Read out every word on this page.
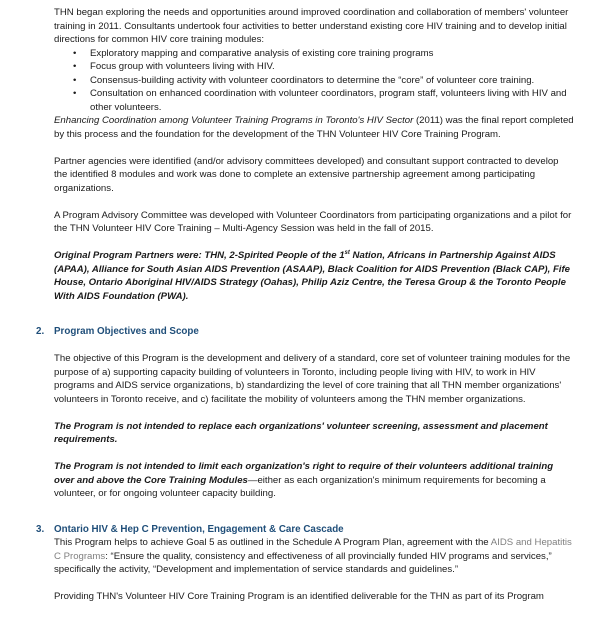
THN began exploring the needs and opportunities around improved coordination and collaboration of members' volunteer training in 2011. Consultants undertook four activities to better understand existing core HIV training and to develop initial directions for common HIV core training modules:

• Exploratory mapping and comparative analysis of existing core training programs
• Focus group with volunteers living with HIV.
• Consensus-building activity with volunteer coordinators to determine the “core” of volunteer core training.
• Consultation on enhanced coordination with volunteer coordinators, program staff, volunteers living with HIV and other volunteers.

Enhancing Coordination among Volunteer Training Programs in Toronto's HIV Sector (2011) was the final report completed by this process and the foundation for the development of the THN Volunteer HIV Core Training Program.

Partner agencies were identified (and/or advisory committees developed) and consultant support contracted to develop the identified 8 modules and work was done to complete an extensive partnership agreement among participating organizations.

A Program Advisory Committee was developed with Volunteer Coordinators from participating organizations and a pilot for the THN Volunteer HIV Core Training – Multi-Agency Session was held in the fall of 2015.

Original Program Partners were: THN, 2-Spirited People of the 1st Nation, Africans in Partnership Against AIDS (APAA), Alliance for South Asian AIDS Prevention (ASAAP), Black Coalition for AIDS Prevention (Black CAP), Fife House, Ontario Aboriginal HIV/AIDS Strategy (Oahas), Philip Aziz Centre, the Teresa Group & the Toronto People With AIDS Foundation (PWA).

2. Program Objectives and Scope

The objective of this Program is the development and delivery of a standard, core set of volunteer training modules for the purpose of a) supporting capacity building of volunteers in Toronto, including people living with HIV, to work in HIV programs and AIDS service organizations, b) standardizing the level of core training that all THN member organizations' volunteers in Toronto receive, and c) facilitate the mobility of volunteers among the THN member organizations.

The Program is not intended to replace each organizations' volunteer screening, assessment and placement requirements.

The Program is not intended to limit each organization's right to require of their volunteers additional training over and above the Core Training Modules—either as each organization's minimum requirements for becoming a volunteer, or for ongoing volunteer capacity building.

3. Ontario HIV & Hep C Prevention, Engagement & Care Cascade

This Program helps to achieve Goal 5 as outlined in the Schedule A Program Plan, agreement with the AIDS and Hepatitis C Programs: “Ensure the quality, consistency and effectiveness of all provincially funded HIV programs and services,” specifically the activity, “Development and implementation of service standards and guidelines.”

Providing THN's Volunteer HIV Core Training Program is an identified deliverable for the THN as part of its Program
